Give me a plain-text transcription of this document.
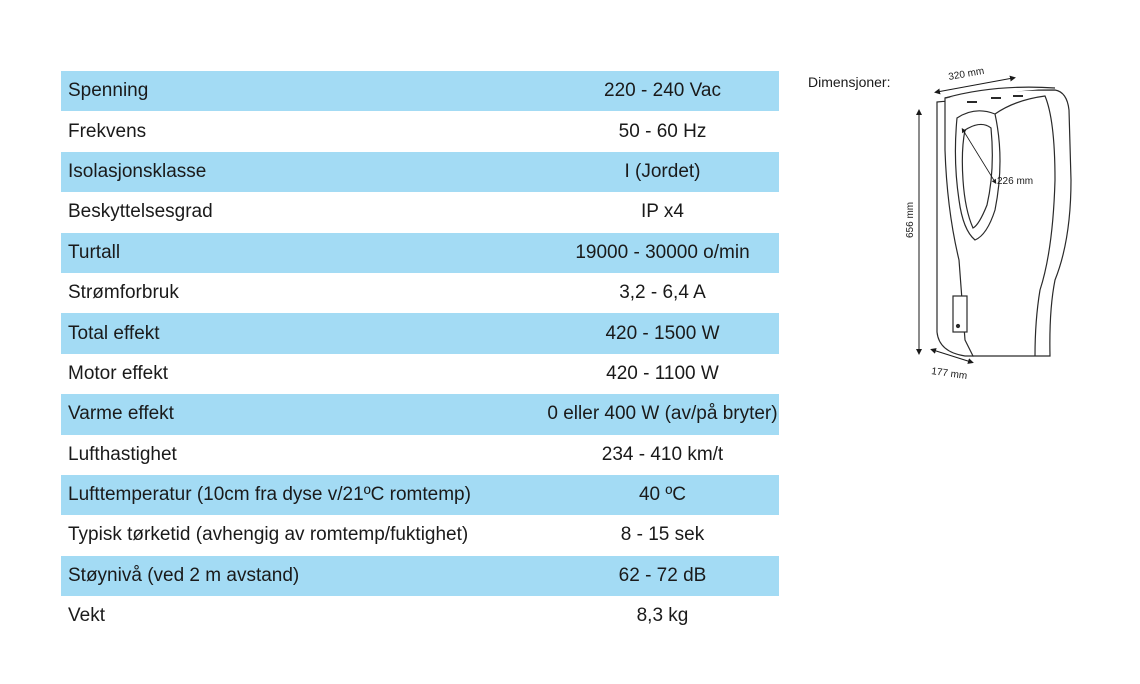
Spenning	220 - 240 Vac
Frekvens	50 - 60 Hz
Isolasjonsklasse	I (Jordet)
Beskyttelsesgrad	IP x4
Turtall	19000 - 30000 o/min
Strømforbruk	3,2 - 6,4 A
Total effekt	420 - 1500 W
Motor effekt	420 - 1100 W
Varme effekt	0 eller 400 W (av/på bryter)
Lufthastighet	234 - 410 km/t
Lufttemperatur (10cm fra dyse v/21ºC romtemp)	40 ºC
Typisk tørketid (avhengig av romtemp/fuktighet)	8 - 15 sek
Støynivå (ved 2 m avstand)	62 - 72 dB
Vekt	8,3 kg
Dimensjoner:	320 mm
226 mm
656 mm
177 mm
